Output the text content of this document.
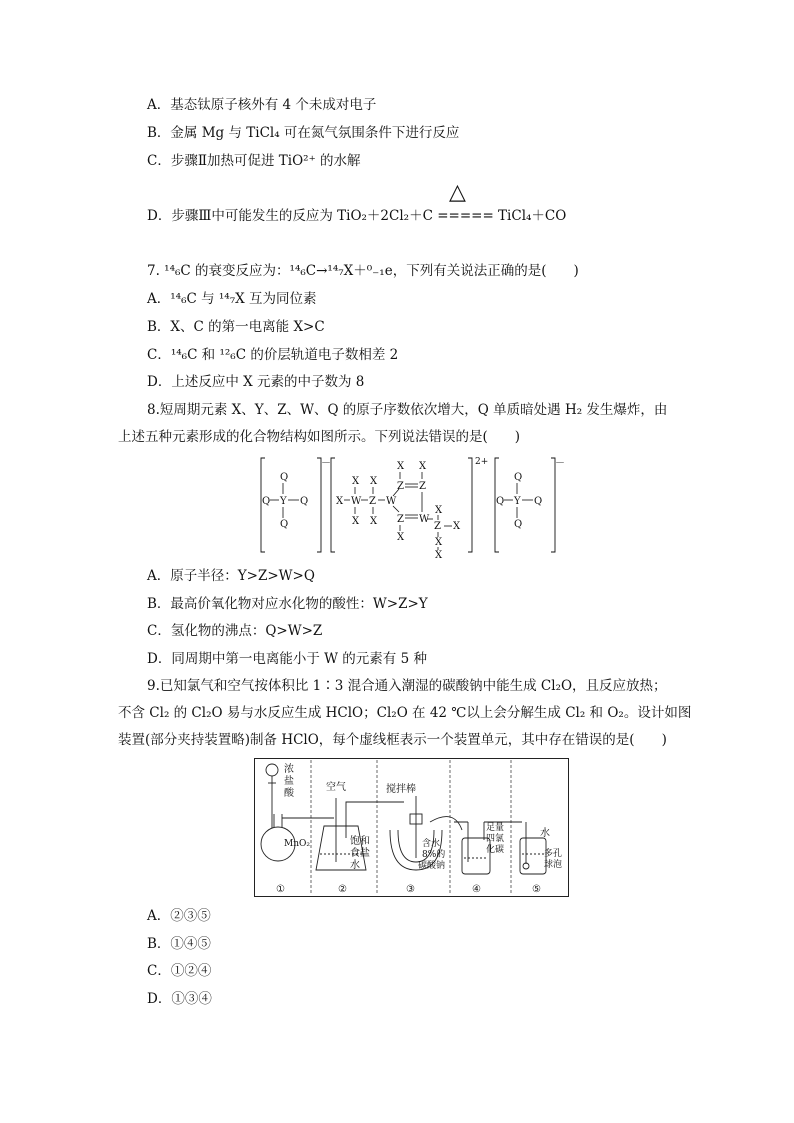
A．基态钛原子核外有 4 个未成对电子
B．金属 Mg 与 TiCl₄ 可在氮气氛围条件下进行反应
C．步骤Ⅱ加热可促进 TiO²⁺ 的水解
△
D．步骤Ⅲ中可能发生的反应为 TiO₂＋2Cl₂＋C ===== TiCl₄＋CO
7. ¹⁴₆C 的衰变反应为：¹⁴₆C→¹⁴₇X＋⁰₋₁e，下列有关说法正确的是(　　)
A．¹⁴₆C 与 ¹⁴₇X 互为同位素
B．X、C 的第一电离能 X>C
C．¹⁴₆C 和 ¹²₆C 的价层轨道电子数相差 2
D．上述反应中 X 元素的中子数为 8
8.短周期元素 X、Y、Z、W、Q 的原子序数依次增大，Q 单质暗处遇 H₂ 发生爆炸，由
上述五种元素形成的化合物结构如图所示。下列说法错误的是(　　)
－
Q
Y
Q
Q	Q
2+
X W
X
X
Z
X
X
W
Z Z
X X
Z W
X
Z
X
X
X
X
－
Q
Y
Q
Q	Q
A．原子半径：Y>Z>W>Q
B．最高价氧化物对应水化物的酸性：W>Z>Y
C．氢化物的沸点：Q>W>Z
D．同周期中第一电离能小于 W 的元素有 5 种
9.已知氯气和空气按体积比 1∶3 混合通入潮湿的碳酸钠中能生成 Cl₂O，且反应放热；
不含 Cl₂ 的 Cl₂O 易与水反应生成 HClO；Cl₂O 在 42 ℃以上会分解生成 Cl₂ 和 O₂。设计如图
装置(部分夹持装置略)制备 HClO，每个虚线框表示一个装置单元，其中存在错误的是(　　)
浓
盐
酸
MnO₂
空气
饱和
食盐
水
搅拌棒
含水
8%的
碳酸钠
足量
四氯
化碳
水
多孔
球泡
①	②	③	④	⑤
A．②③⑤
B．①④⑤
C．①②④
D．①③④
